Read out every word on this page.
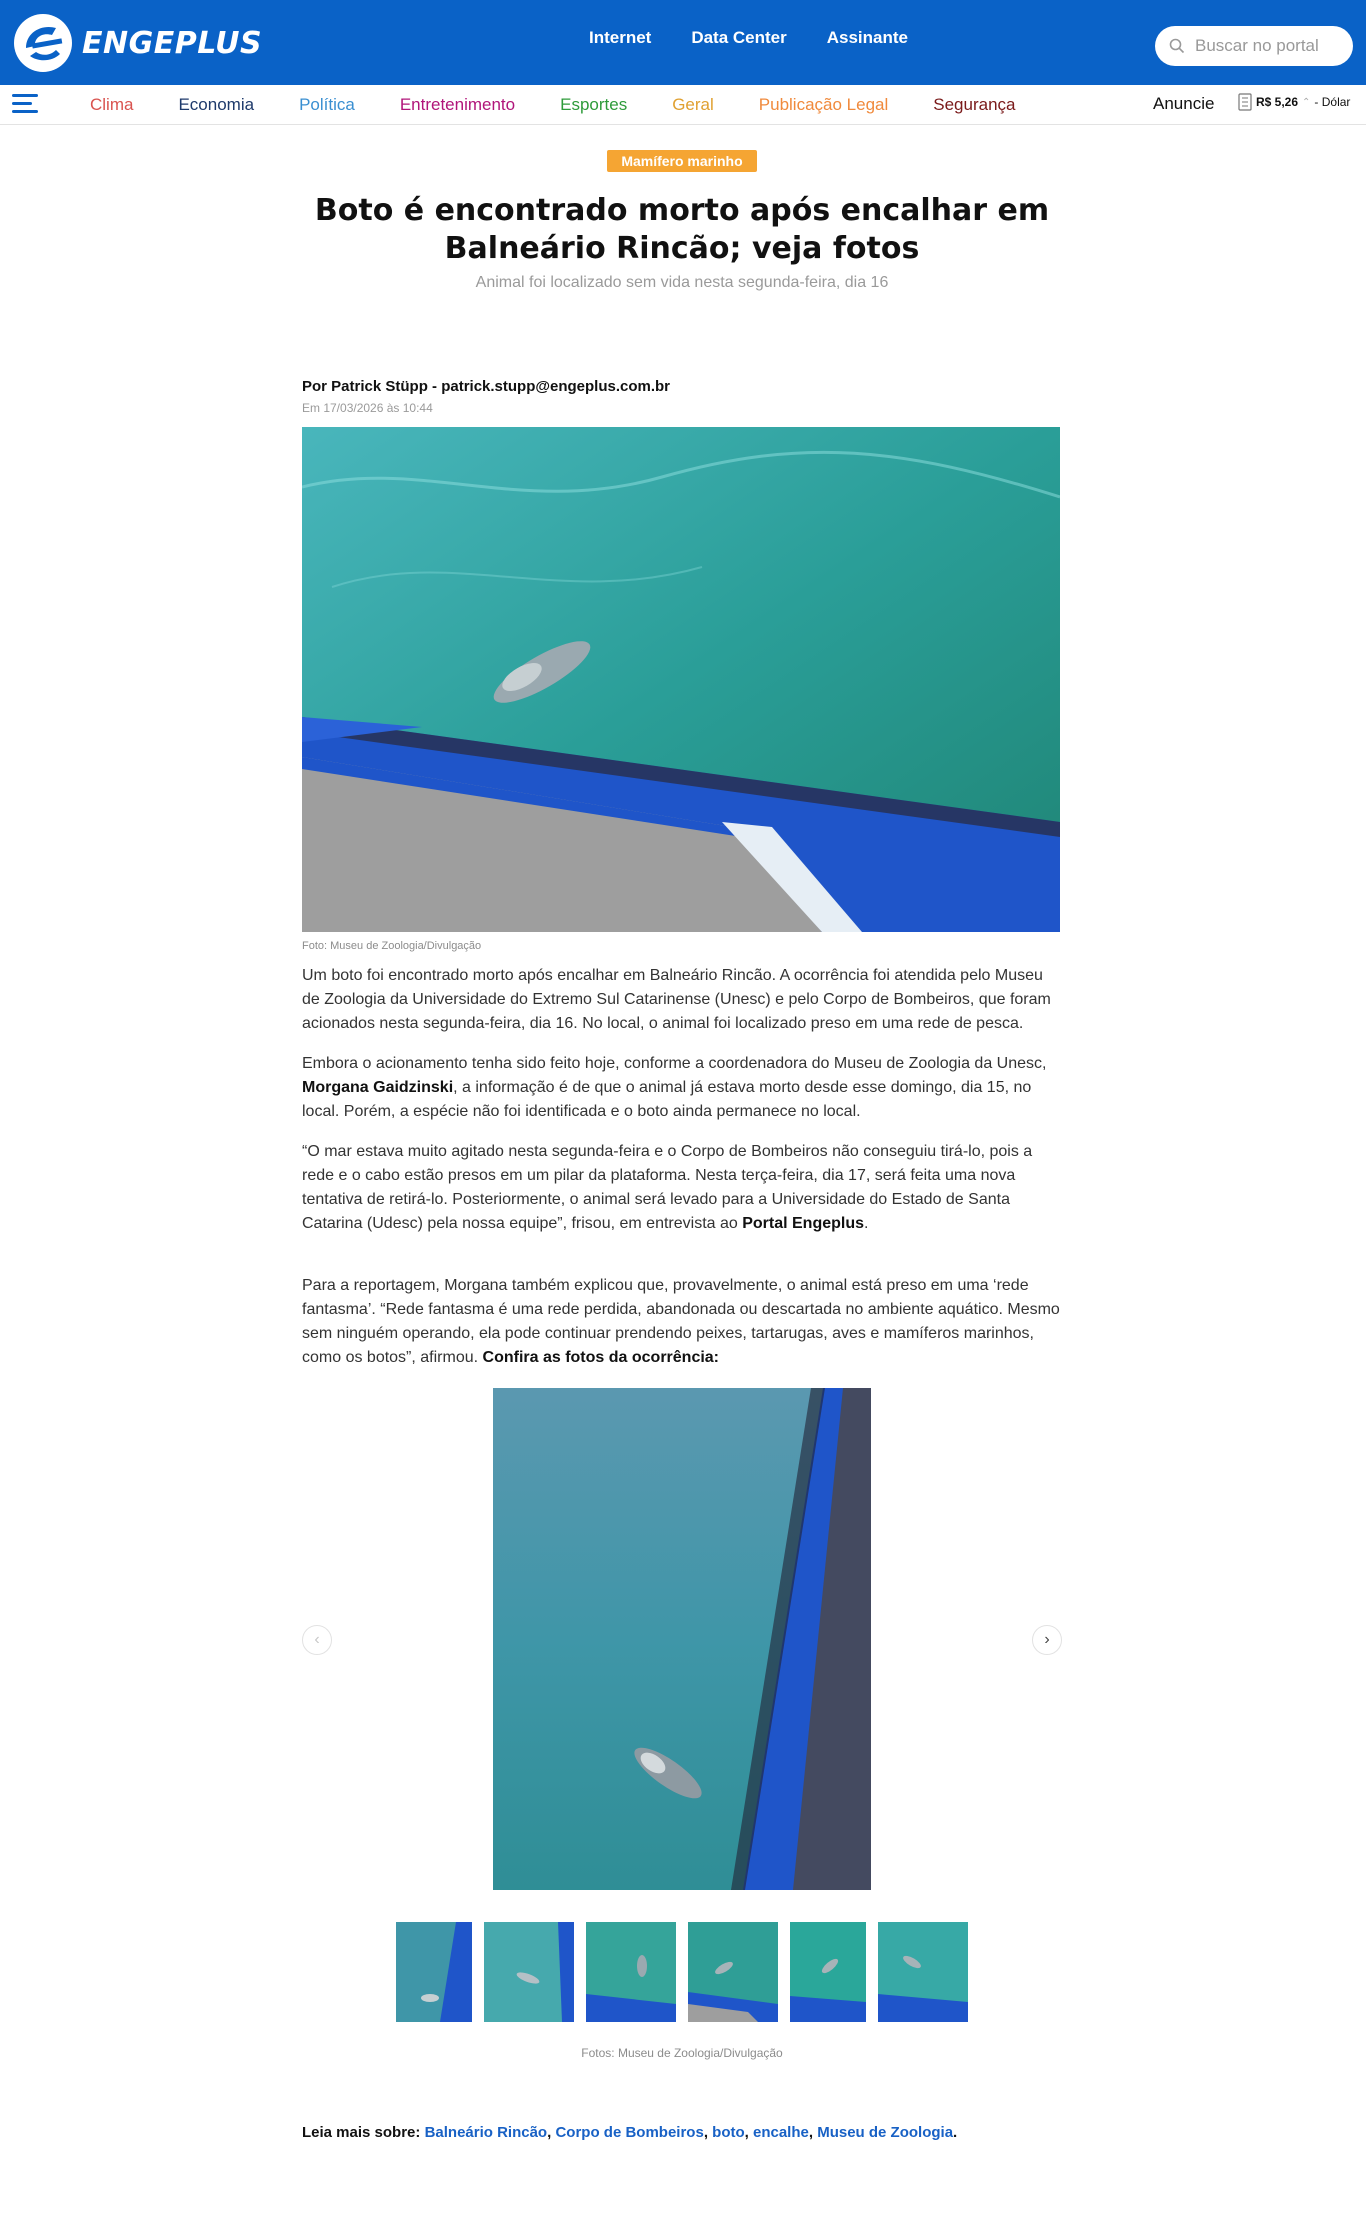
ENGEPLUS	Internet Data Center Assinante
Buscar no portal
Clima	Economia	Política	Entretenimento	Esportes	Geral	Publicação Legal	Segurança	Anuncie	R$ 5,26 ⌃ - Dólar
Mamífero marinho
Boto é encontrado morto após encalhar em Balneário Rincão; veja fotos
Animal foi localizado sem vida nesta segunda-feira, dia 16
Por Patrick Stüpp - patrick.stupp@engeplus.com.br
Em 17/03/2026 às 10:44
Foto: Museu de Zoologia/Divulgação

Um boto foi encontrado morto após encalhar em Balneário Rincão. A ocorrência foi atendida pelo Museu de Zoologia da Universidade do Extremo Sul Catarinense (Unesc) e pelo Corpo de Bombeiros, que foram acionados nesta segunda-feira, dia 16. No local, o animal foi localizado preso em uma rede de pesca.

Embora o acionamento tenha sido feito hoje, conforme a coordenadora do Museu de Zoologia da Unesc, Morgana Gaidzinski, a informação é de que o animal já estava morto desde esse domingo, dia 15, no local. Porém, a espécie não foi identificada e o boto ainda permanece no local.

“O mar estava muito agitado nesta segunda-feira e o Corpo de Bombeiros não conseguiu tirá-lo, pois a rede e o cabo estão presos em um pilar da plataforma. Nesta terça-feira, dia 17, será feita uma nova tentativa de retirá-lo. Posteriormente, o animal será levado para a Universidade do Estado de Santa Catarina (Udesc) pela nossa equipe”, frisou, em entrevista ao Portal Engeplus.

Para a reportagem, Morgana também explicou que, provavelmente, o animal está preso em uma ‘rede fantasma’. “Rede fantasma é uma rede perdida, abandonada ou descartada no ambiente aquático. Mesmo sem ninguém operando, ela pode continuar prendendo peixes, tartarugas, aves e mamíferos marinhos, como os botos”, afirmou. Confira as fotos da ocorrência:

‹	›
Fotos: Museu de Zoologia/Divulgação
Leia mais sobre: Balneário Rincão, Corpo de Bombeiros, boto, encalhe, Museu de Zoologia.
